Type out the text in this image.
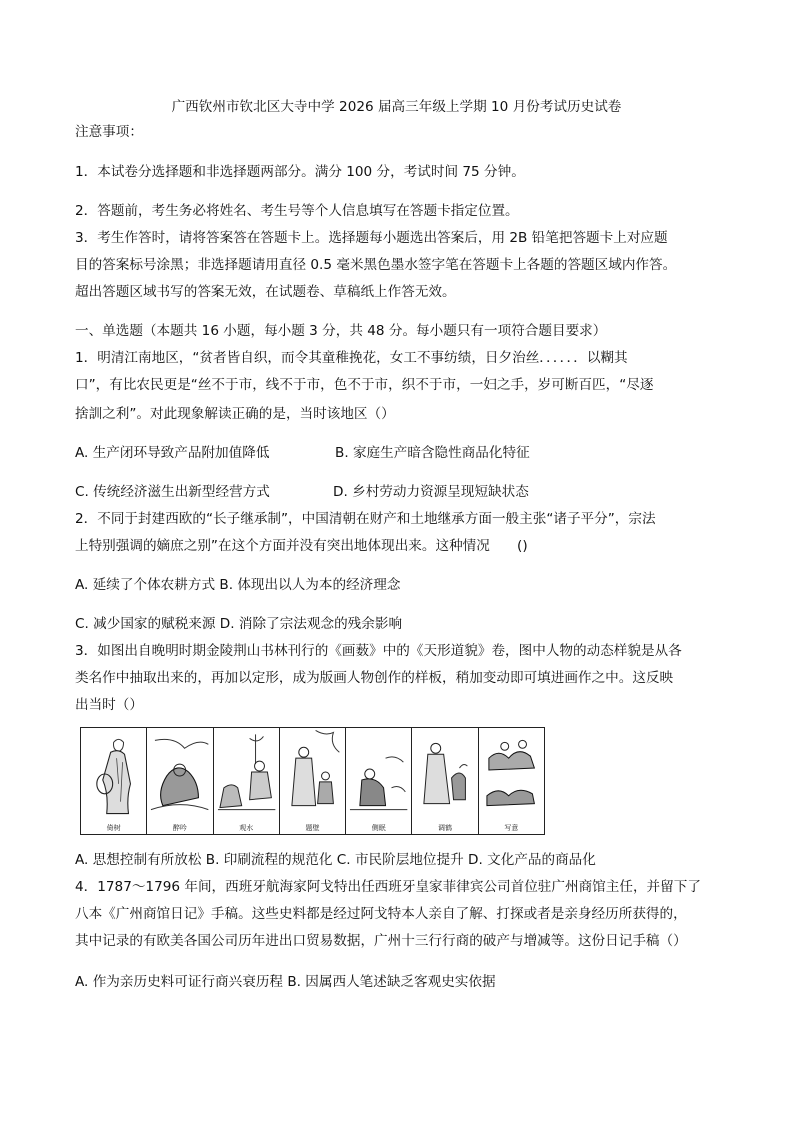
广西钦州市钦北区大寺中学 2026 届高三年级上学期 10 月份考试历史试卷
注意事项：
1．本试卷分选择题和非选择题两部分。满分 100 分，考试时间 75 分钟。
2．答题前，考生务必将姓名、考生号等个人信息填写在答题卡指定位置。
3．考生作答时，请将答案答在答题卡上。选择题每小题选出答案后，用 2B 铅笔把答题卡上对应题
目的答案标号涂黑；非选择题请用直径 0.5 毫米黑色墨水签字笔在答题卡上各题的答题区域内作答。
超出答题区域书写的答案无效，在试题卷、草稿纸上作答无效。
一、单选题（本题共 16 小题，每小题 3 分，共 48 分。每小题只有一项符合题目要求）
1．明清江南地区，“贫者皆自织，而令其童稚挽花，女工不事纺绩，日夕治丝．．．．．．以糊其
口”，有比农民更是“丝不于市，线不于市，色不于市，织不于市，一妇之手，岁可断百匹，“尽逐
捨訓之利”。对此现象解读正确的是，当时该地区（）
A. 生产闭环导致产品附加值降低	B. 家庭生产暗含隐性商品化特征
C. 传统经济滋生出新型经营方式	D. 乡村劳动力资源呈现短缺状态
2．不同于封建西欧的“长子继承制”，中国清朝在财产和土地继承方面一般主张“诸子平分”，宗法
上特别强调的嫡庶之别”在这个方面并没有突出地体现出来。这种情况　　()
A. 延续了个体农耕方式 B. 体现出以人为本的经济理念
C. 减少国家的赋税来源 D. 消除了宗法观念的残余影响
3．如图出自晚明时期金陵荆山书林刊行的《画薮》中的《天形道貌》卷，图中人物的动态样貌是从各
类名作中抽取出来的，再加以定形，成为版画人物创作的样板，稍加变动即可填进画作之中。这反映
出当时（）
倚树	醉吟	观水	题壁	侧眠	调鹤	写意
A. 思想控制有所放松 B. 印刷流程的规范化 C. 市民阶层地位提升 D. 文化产品的商品化
4．1787～1796 年间，西班牙航海家阿戈特出任西班牙皇家菲律宾公司首位驻广州商馆主任，并留下了
八本《广州商馆日记》手稿。这些史料都是经过阿戈特本人亲自了解、打探或者是亲身经历所获得的，
其中记录的有欧美各国公司历年进出口贸易数据，广州十三行行商的破产与增减等。这份日记手稿（）
A. 作为亲历史料可证行商兴衰历程 B. 因属西人笔述缺乏客观史实依据
